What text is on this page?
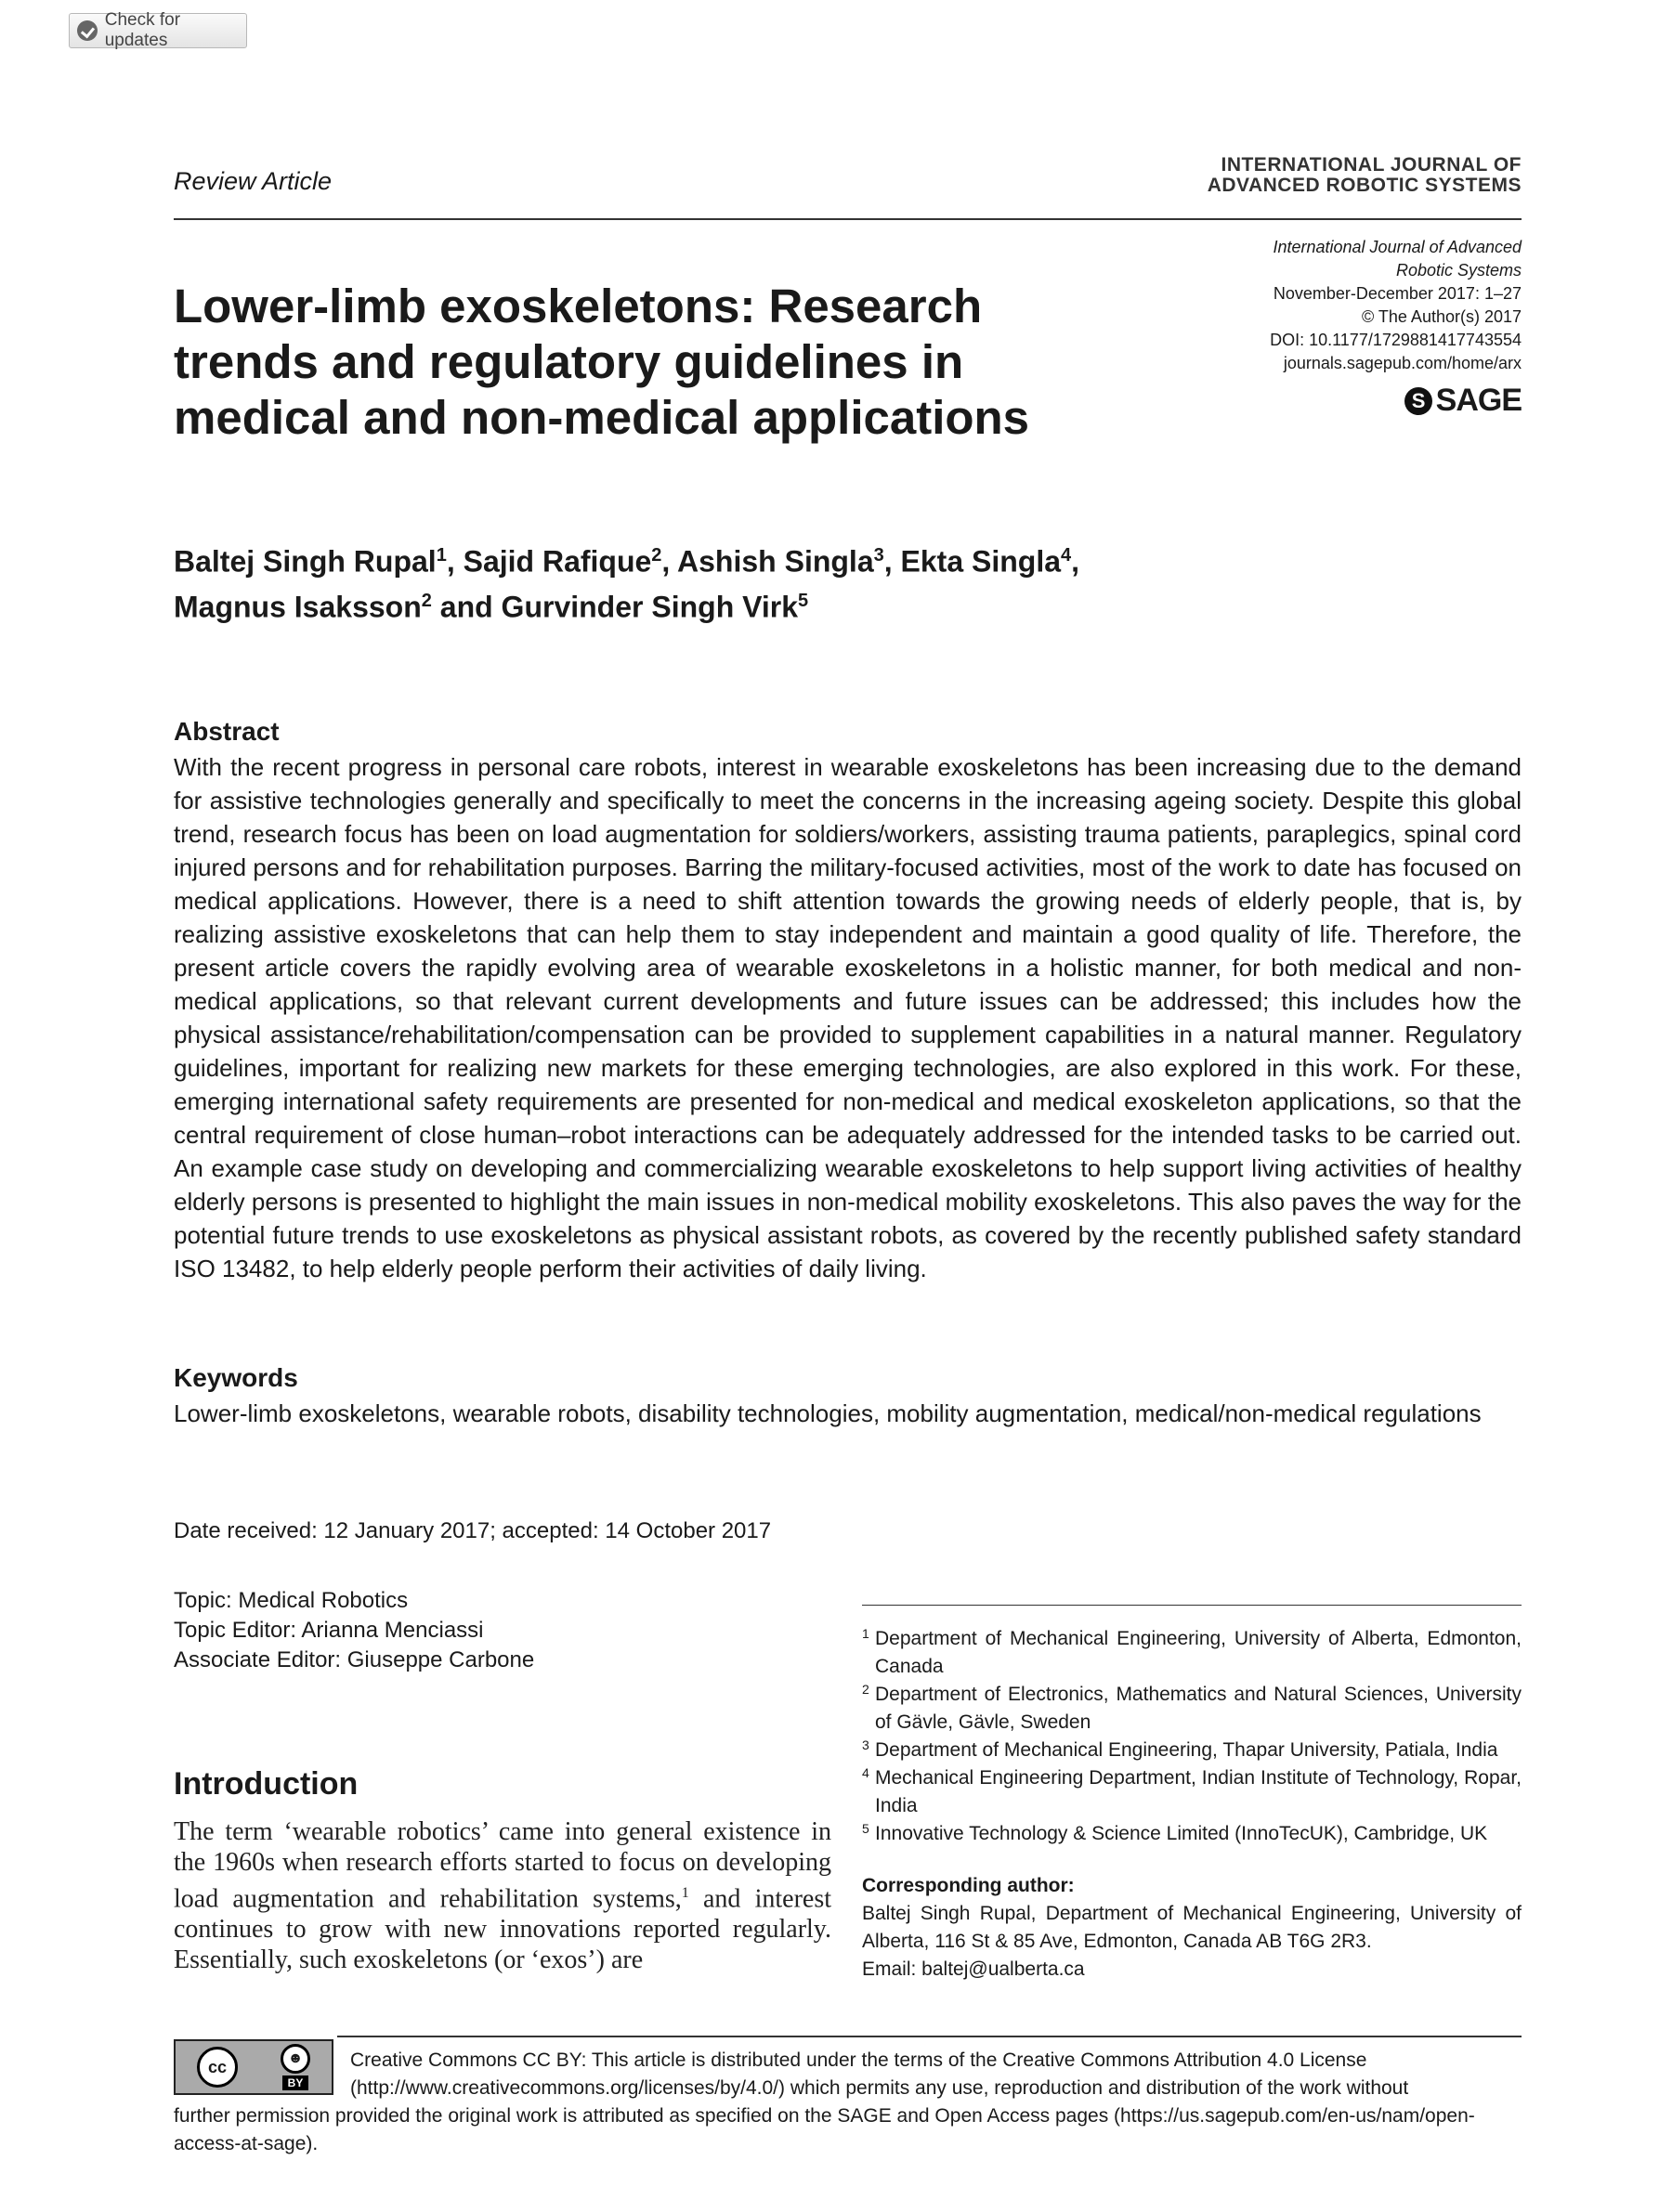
Check for updates
Review Article
INTERNATIONAL JOURNAL OF
ADVANCED ROBOTIC SYSTEMS
International Journal of Advanced
Robotic Systems
November-December 2017: 1–27
© The Author(s) 2017
DOI: 10.1177/1729881417743554
journals.sagepub.com/home/arx
S SAGE
Lower-limb exoskeletons: Research
trends and regulatory guidelines in
medical and non-medical applications
Baltej Singh Rupal$^1$, Sajid Rafique$^2$, Ashish Singla$^3$, Ekta Singla$^4$,
Magnus Isaksson$^2$ and Gurvinder Singh Virk$^5$
Abstract
With the recent progress in personal care robots, interest in wearable exoskeletons has been increasing due to the demand for assistive technologies generally and specifically to meet the concerns in the increasing ageing society. Despite this global trend, research focus has been on load augmentation for soldiers/workers, assisting trauma patients, paraplegics, spinal cord injured persons and for rehabilitation purposes. Barring the military-focused activities, most of the work to date has focused on medical applications. However, there is a need to shift attention towards the growing needs of elderly people, that is, by realizing assistive exoskeletons that can help them to stay independent and maintain a good quality of life. Therefore, the present article covers the rapidly evolving area of wearable exoskeletons in a holistic manner, for both medical and non-medical applications, so that relevant current developments and future issues can be addressed; this includes how the physical assistance/rehabilitation/compensation can be provided to supplement capabilities in a natural manner. Regulatory guidelines, important for realizing new markets for these emerging technologies, are also explored in this work. For these, emerging international safety requirements are presented for non-medical and medical exoskeleton applications, so that the central requirement of close human–robot interactions can be adequately addressed for the intended tasks to be carried out. An example case study on developing and commercializing wearable exoskeletons to help support living activities of healthy elderly persons is presented to highlight the main issues in non-medical mobility exoskeletons. This also paves the way for the potential future trends to use exoskeletons as physical assistant robots, as covered by the recently published safety standard ISO 13482, to help elderly people perform their activities of daily living.
Keywords
Lower-limb exoskeletons, wearable robots, disability technologies, mobility augmentation, medical/non-medical regulations
Date received: 12 January 2017; accepted: 14 October 2017
Topic: Medical Robotics
Topic Editor: Arianna Menciassi
Associate Editor: Giuseppe Carbone
Introduction
The term ‘wearable robotics’ came into general existence in the 1960s when research efforts started to focus on developing load augmentation and rehabilitation systems,$^1$ and interest continues to grow with new innovations reported regularly. Essentially, such exoskeletons (or ‘exos’) are
1 Department of Mechanical Engineering, University of Alberta, Edmonton, Canada
2 Department of Electronics, Mathematics and Natural Sciences, University of Gävle, Gävle, Sweden
3 Department of Mechanical Engineering, Thapar University, Patiala, India
4 Mechanical Engineering Department, Indian Institute of Technology, Ropar, India
5 Innovative Technology & Science Limited (InnoTecUK), Cambridge, UK
Corresponding author:
Baltej Singh Rupal, Department of Mechanical Engineering, University of Alberta, 116 St & 85 Ave, Edmonton, Canada AB T6G 2R3.
Email: baltej@ualberta.ca
cc	☻
BY
Creative Commons CC BY: This article is distributed under the terms of the Creative Commons Attribution 4.0 License
(http://www.creativecommons.org/licenses/by/4.0/) which permits any use, reproduction and distribution of the work without
further permission provided the original work is attributed as specified on the SAGE and Open Access pages (https://us.sagepub.com/en-us/nam/open-access-at-sage).
